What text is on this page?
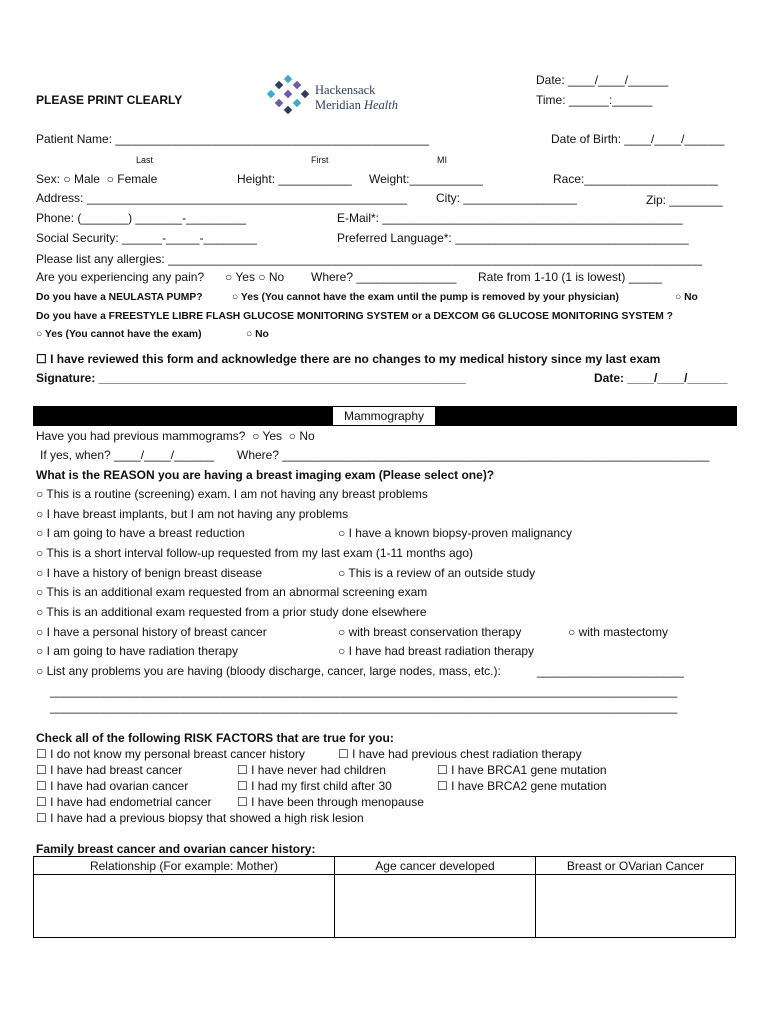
PLEASE PRINT CLEARLY
Hackensack
Meridian Health
Date: ____/____/______
Time: ______:______
Patient Name: _______________________________________________	Date of Birth: ____/____/______
Last	First	MI
Sex: ○ Male ○ Female	Height: ___________ Weight:___________	Race:____________________
Address: ________________________________________________ City: _________________	Zip: ________
Phone: (_______) _______-_________	E-Mail*: _____________________________________________
Social Security: ______-_____-________	Preferred Language*: ___________________________________
Please list any allergies: ________________________________________________________________________________
Are you experiencing any pain? ○ Yes ○ No Where? _______________ Rate from 1-10 (1 is lowest) _____
Do you have a NEULASTA PUMP?	○ Yes (You cannot have the exam until the pump is removed by your physician)	○ No
Do you have a FREESTYLE LIBRE FLASH GLUCOSE MONITORING SYSTEM or a DEXCOM G6 GLUCOSE MONITORING SYSTEM ?
○ Yes (You cannot have the exam)	○ No
☐ I have reviewed this form and acknowledge there are no changes to my medical history since my last exam
Signature: _______________________________________________________	Date: ____/____/______
Mammography
Have you had previous mammograms? ○ Yes ○ No
If yes, when? ____/____/______ Where? ________________________________________________________________
What is the REASON you are having a breast imaging exam (Please select one)?
○ This is a routine (screening) exam. I am not having any breast problems
○ I have breast implants, but I am not having any problems
○ I am going to have a breast reduction	○ I have a known biopsy-proven malignancy
○ This is a short interval follow-up requested from my last exam (1-11 months ago)
○ I have a history of benign breast disease	○ This is a review of an outside study
○ This is an additional exam requested from an abnormal screening exam
○ This is an additional exam requested from a prior study done elsewhere
○ I have a personal history of breast cancer	○ with breast conservation therapy	○ with mastectomy
○ I am going to have radiation therapy	○ I have had breast radiation therapy
○ List any problems you are having (bloody discharge, cancer, large nodes, mass, etc.):	______________________
______________________________________________________________________________________________
______________________________________________________________________________________________
Check all of the following RISK FACTORS that are true for you:
☐ I do not know my personal breast cancer history	☐ I have had previous chest radiation therapy
☐ I have had breast cancer	☐ I have never had children	☐ I have BRCA1 gene mutation
☐ I have had ovarian cancer	☐ I had my first child after 30	☐ I have BRCA2 gene mutation
☐ I have had endometrial cancer ☐ I have been through menopause
☐ I have had a previous biopsy that showed a high risk lesion
Family breast cancer and ovarian cancer history:
Relationship (For example: Mother)	Age cancer developed	Breast or OVarian Cancer
